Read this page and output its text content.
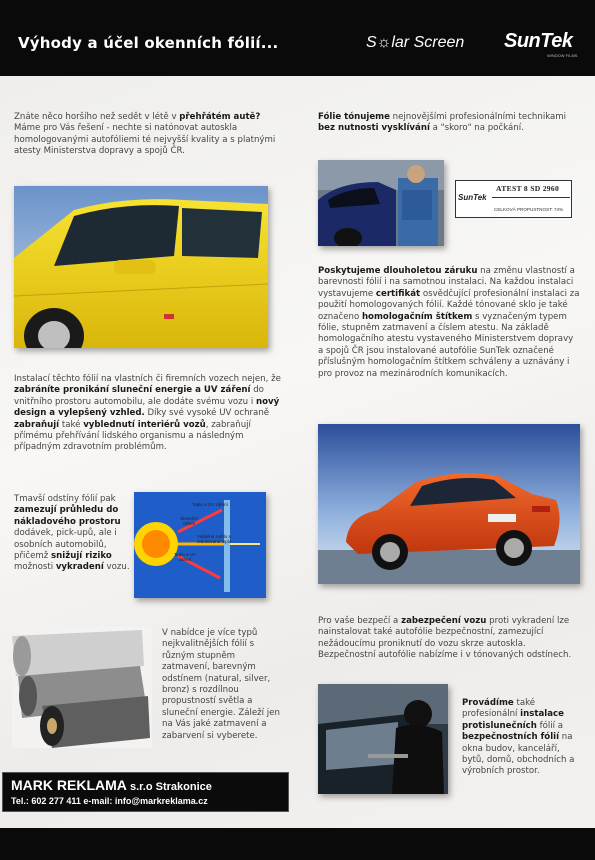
Výhody a účel okenních fólií...	S☼lar Screen SunTek
WINDOW FILMS
Znáte něco horšího než sedět v létě v přehřátém autě? Máme pro Vás řešení - nechte si natónovat autoskla homologovanými autofóliemi té nejvyšší kvality a s platnými atesty Ministerstva dopravy a spojů ČR.
Fólie tónujeme nejnovějšími profesionálními technikami bez nutnosti vysklívání a "skoro" na počkání.
SunTek
ATEST 8 SD 2960
CELKOVÁ PROPUSTNOST: 74%
Poskytujeme dlouholetou záruku na změnu vlastností a barevnosti fólií i na samotnou instalaci. Na každou instalaci vystavujeme certifikát osvědčující profesionální instalaci za použití homologovaných fólií. Každé tónované sklo je také označeno homologačním štítkem s vyznačeným typem fólie, stupněm zatmavení a číslem atestu. Na základě homologačního atestu vystaveného Ministerstvem dopravy a spojů ČR jsou instalované autofólie SunTek označené příslušným homologačním štítkem schváleny a uznávány i pro provoz na mezinárodních komunikacích.
Instalací těchto fólií na vlastních či firemních vozech nejen, že zabráníte pronikání sluneční energie a UV záření do vnitřního prostoru automobilu, ale dodáte svému vozu i nový design a vylepšený vzhled. Díky své vysoké UV ochraně zabraňují také vyblednutí interiérů vozů, zabraňují přímému přehřívání lidského organismu a následným případným zdravotním problémům.
Tmavší odstíny fólií pak zamezují průhledu do nákladového prostoru dodávek, pick-upů, ale i osobních automobilů, přičemž snižují riziko možnosti vykradení vozu.
Teplo a UV záření
Sluneční záření
Viditelné světlo a redukované teplo
Teplo a UV záření
V nabídce je více typů nejkvalitnějších fólií s různým stupněm zatmavení, barevným odstínem (natural, silver, bronz) s rozdílnou propustností světla a sluneční energie. Záleží jen na Vás jaké zatmavení a zabarvení si vyberete.
Pro vaše bezpečí a zabezpečení vozu proti vykradení lze nainstalovat také autofólie bezpečnostní, zamezující nežádoucímu proniknutí do vozu skrze autoskla. Bezpečnostní autofólie nabízíme i v tónovaných odstínech.
Provádíme také profesionální instalace protislunečních fólií a bezpečnostních fólií na okna budov, kanceláří, bytů, domů, obchodních a výrobních prostor.
MARK REKLAMA s.r.o Strakonice
Tel.: 602 277 411 e-mail: info@markreklama.cz
